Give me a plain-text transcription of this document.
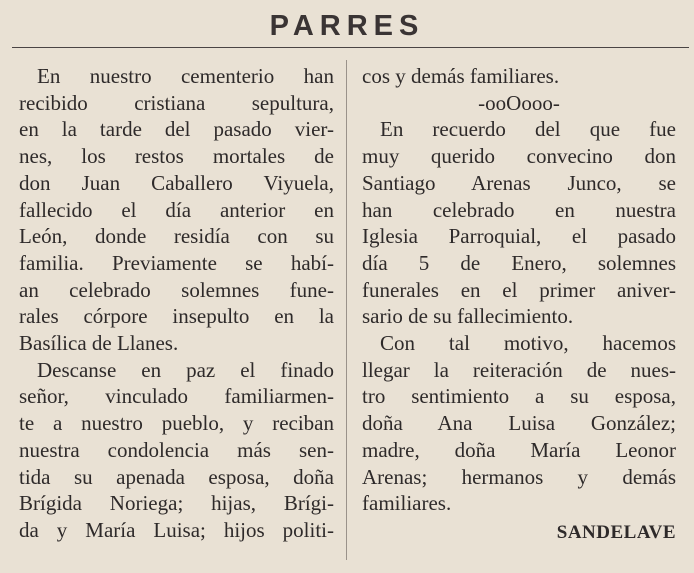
PARRES
En nuestro cementerio han
recibido cristiana sepultura,
en la tarde del pasado vier-
nes, los restos mortales de
don Juan Caballero Viyuela,
fallecido el día anterior en
León, donde residía con su
familia. Previamente se habí-
an celebrado solemnes fune-
rales córpore insepulto en la
Basílica de Llanes.
Descanse en paz el finado
señor, vinculado familiarmen-
te a nuestro pueblo, y reciban
nuestra condolencia más sen-
tida su apenada esposa, doña
Brígida Noriega; hijas, Brígi-
da y María Luisa; hijos politi-
cos y demás familiares.
-ooOooo-
En recuerdo del que fue
muy querido convecino don
Santiago Arenas Junco, se
han celebrado en nuestra
Iglesia Parroquial, el pasado
día 5 de Enero, solemnes
funerales en el primer aniver-
sario de su fallecimiento.
Con tal motivo, hacemos
llegar la reiteración de nues-
tro sentimiento a su esposa,
doña Ana Luisa González;
madre, doña María Leonor
Arenas; hermanos y demás
familiares.
SANDELAVE
